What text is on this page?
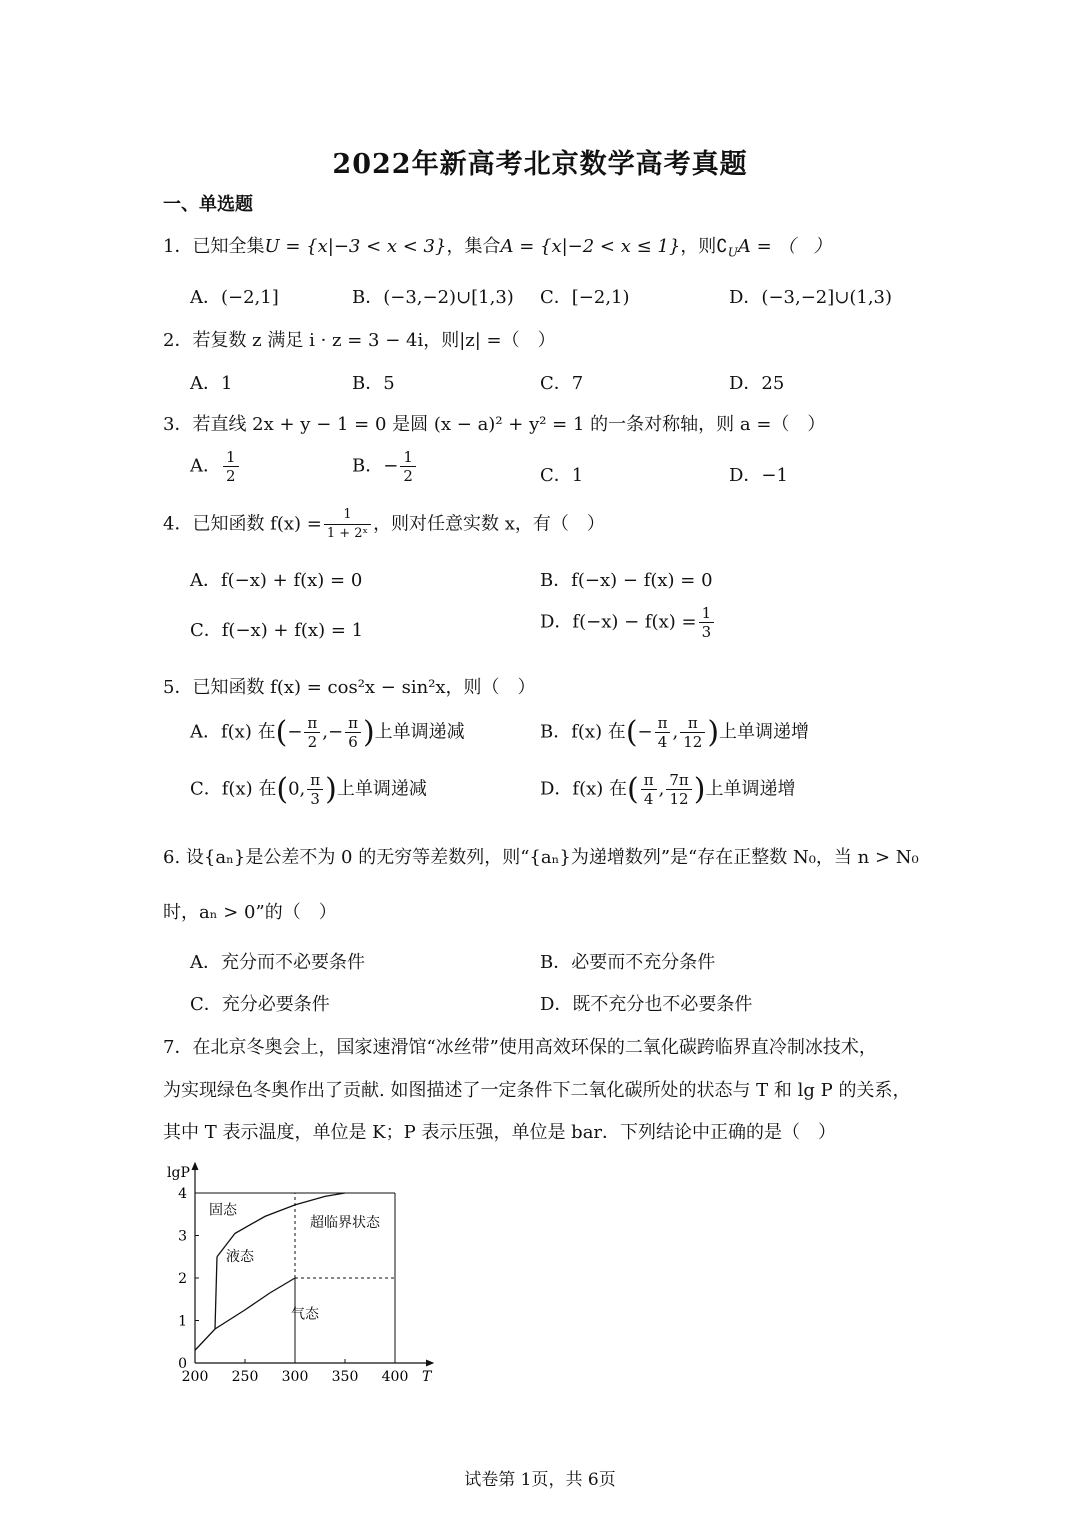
2022年新高考北京数学高考真题
一、单选题
1．已知全集U = {x|−3 < x < 3}，集合A = {x|−2 < x ≤ 1}，则$∁_UA$ = （　）
A．(−2,1]	B．(−3,−2)∪[1,3) C．[−2,1)	D．(−3,−2]∪(1,3)
2．若复数 z 满足 i · z = 3 − 4i，则|z| =（　）
A．1	B．5	C．7	D．25
3．若直线 2x + y − 1 = 0 是圆 (x − a)² + y² = 1 的一条对称轴，则 a =（　）
A． $\frac{1}{2}$	B．− $\frac{1}{2}$	C．1	D．−1
4．已知函数 $f(x) = \frac{1}{\text{1 + 2ˣ}}$ ，则对任意实数 x，有（　）
A．f(−x) + f(x) = 0	B．f(−x) − f(x) = 0
C．f(−x) + f(x) = 1	D．$f(-x) - f(x) = \frac{1}{3}$
5．已知函数 f(x) = cos²x − sin²x，则（　）
A．f(x) 在(− $\frac{\pi}{2}$ ,− $\frac{\pi}{6}$ )上单调递减	B．f(x) 在(− $\frac{\pi}{4}$ , $\frac{\pi}{12}$ )上单调递增
C．f(x) 在(0, $\frac{\pi}{3}$ )上单调递减	D．f(x) 在( $\frac{\pi}{4}$ , $\frac{7\pi}{12}$ )上单调递增
6. 设{aₙ}是公差不为 0 的无穷等差数列，则“{aₙ}为递增数列”是“存在正整数 N₀，当 n > N₀
时，aₙ > 0”的（　）
A．充分而不必要条件	B．必要而不充分条件
C．充分必要条件	D．既不充分也不必要条件
7．在北京冬奥会上，国家速滑馆“冰丝带”使用高效环保的二氧化碳跨临界直冷制冰技术，
为实现绿色冬奥作出了贡献. 如图描述了一定条件下二氧化碳所处的状态与 T 和 lg P 的关系，
其中 T 表示温度，单位是 K；P 表示压强，单位是 bar．下列结论中正确的是（　）
lgP
T
200 250 300 350 400
0
1
2
3
4
固态
液态
超临界状态
气态
试卷第 1页，共 6页
